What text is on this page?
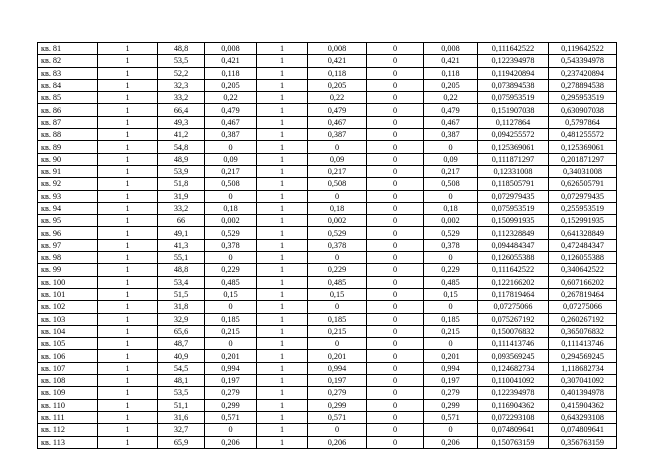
кв. 81	1	48,8	0,008	1	0,008	0	0,008	0,111642522	0,119642522
кв. 82	1	53,5	0,421	1	0,421	0	0,421	0,122394978	0,543394978
кв. 83	1	52,2	0,118	1	0,118	0	0,118	0,119420894	0,237420894
кв. 84	1	32,3	0,205	1	0,205	0	0,205	0,073894538	0,278894538
кв. 85	1	33,2	0,22	1	0,22	0	0,22	0,075953519	0,295953519
кв. 86	1	66,4	0,479	1	0,479	0	0,479	0,151907038	0,630907038
кв. 87	1	49,3	0,467	1	0,467	0	0,467	0,1127864	0,5797864
кв. 88	1	41,2	0,387	1	0,387	0	0,387	0,094255572	0,481255572
кв. 89	1	54,8	0	1	0	0	0	0,125369061	0,125369061
кв. 90	1	48,9	0,09	1	0,09	0	0,09	0,111871297	0,201871297
кв. 91	1	53,9	0,217	1	0,217	0	0,217	0,12331008	0,34031008
кв. 92	1	51,8	0,508	1	0,508	0	0,508	0,118505791	0,626505791
кв. 93	1	31,9	0	1	0	0	0	0,072979435	0,072979435
кв. 94	1	33,2	0,18	1	0,18	0	0,18	0,075953519	0,255953519
кв. 95	1	66	0,002	1	0,002	0	0,002	0,150991935	0,152991935
кв. 96	1	49,1	0,529	1	0,529	0	0,529	0,112328849	0,641328849
кв. 97	1	41,3	0,378	1	0,378	0	0,378	0,094484347	0,472484347
кв. 98	1	55,1	0	1	0	0	0	0,126055388	0,126055388
кв. 99	1	48,8	0,229	1	0,229	0	0,229	0,111642522	0,340642522
кв. 100	1	53,4	0,485	1	0,485	0	0,485	0,122166202	0,607166202
кв. 101	1	51,5	0,15	1	0,15	0	0,15	0,117819464	0,267819464
кв. 102	1	31,8	0	1	0	0	0	0,07275066	0,07275066
кв. 103	1	32,9	0,185	1	0,185	0	0,185	0,075267192	0,260267192
кв. 104	1	65,6	0,215	1	0,215	0	0,215	0,150076832	0,365076832
кв. 105	1	48,7	0	1	0	0	0	0,111413746	0,111413746
кв. 106	1	40,9	0,201	1	0,201	0	0,201	0,093569245	0,294569245
кв. 107	1	54,5	0,994	1	0,994	0	0,994	0,124682734	1,118682734
кв. 108	1	48,1	0,197	1	0,197	0	0,197	0,110041092	0,307041092
кв. 109	1	53,5	0,279	1	0,279	0	0,279	0,122394978	0,401394978
кв. 110	1	51,1	0,299	1	0,299	0	0,299	0,116904362	0,415904362
кв. 111	1	31,6	0,571	1	0,571	0	0,571	0,072293108	0,643293108
кв. 112	1	32,7	0	1	0	0	0	0,074809641	0,074809641
кв. 113	1	65,9	0,206	1	0,206	0	0,206	0,150763159	0,356763159
